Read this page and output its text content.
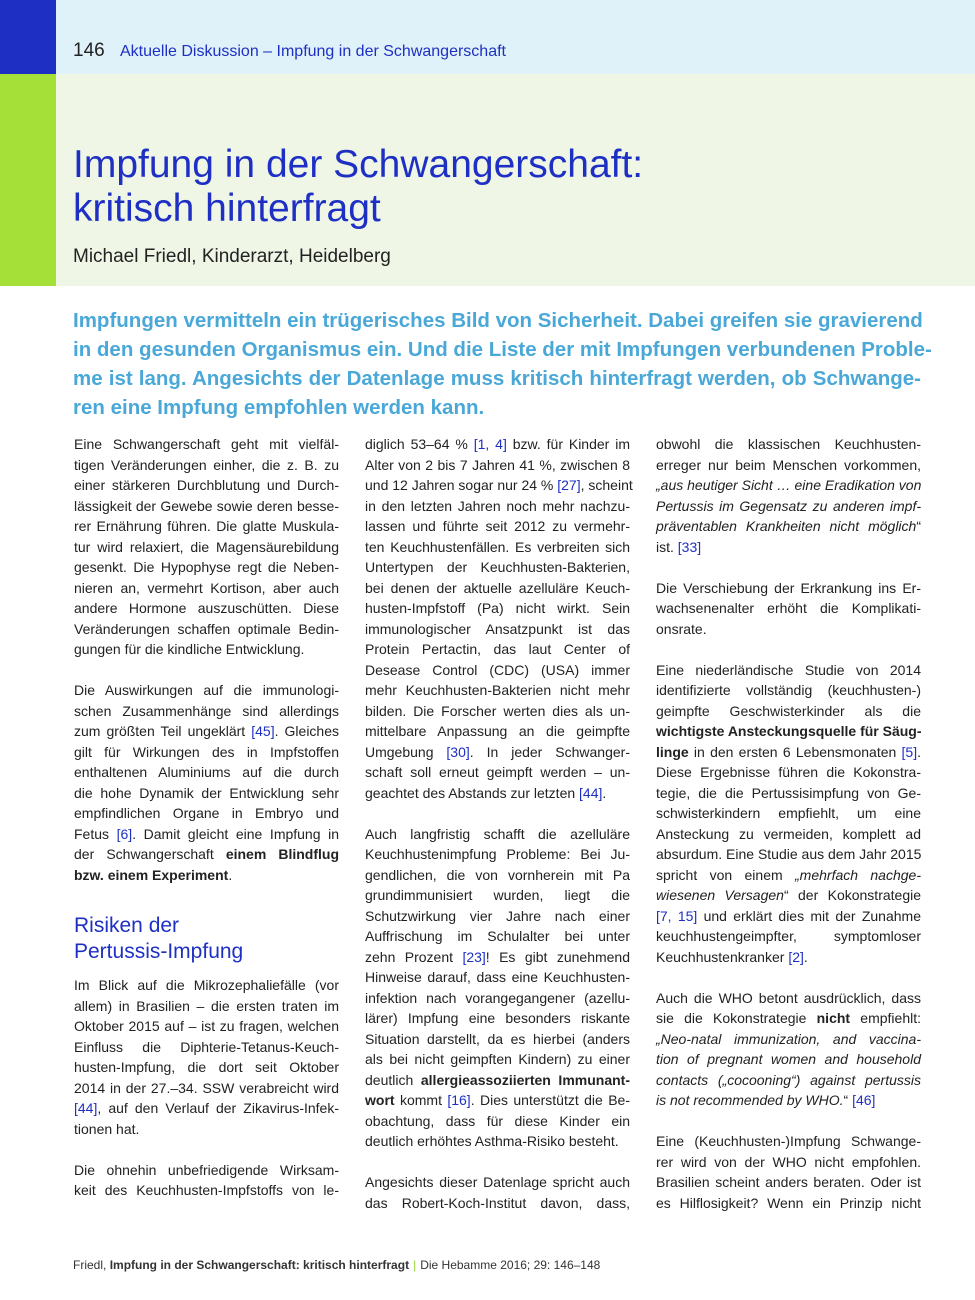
146 Aktuelle Diskussion – Impfung in der Schwangerschaft
Impfung in der Schwangerschaft:
kritisch hinterfragt
Michael Friedl, Kinderarzt, Heidelberg
Impfungen vermitteln ein trügerisches Bild von Sicherheit. Dabei greifen sie gravierend
in den gesunden Organismus ein. Und die Liste der mit Impfungen verbundenen Proble-
me ist lang. Angesichts der Datenlage muss kritisch hinterfragt werden, ob Schwange-
ren eine Impfung empfohlen werden kann.

Eine Schwangerschaft geht mit vielfäl-
tigen Veränderungen einher, die z. B. zu
einer stärkeren Durchblutung und Durch-
lässigkeit der Gewebe sowie deren besse-
rer Ernährung führen. Die glatte Muskula-
tur wird relaxiert, die Magensäurebildung
gesenkt. Die Hypophyse regt die Neben-
nieren an, vermehrt Kortison, aber auch
andere Hormone auszuschütten. Diese
Veränderungen schaffen optimale Bedin-
gungen für die kindliche Entwicklung.

Die Auswirkungen auf die immunologi-
schen Zusammenhänge sind allerdings
zum größten Teil ungeklärt [45]. Gleiches
gilt für Wirkungen des in Impfstoffen
enthaltenen Aluminiums auf die durch
die hohe Dynamik der Entwicklung sehr
empfindlichen Organe in Embryo und
Fetus [6]. Damit gleicht eine Impfung in
der Schwangerschaft einem Blindflug
bzw. einem Experiment.

Risiken der
Pertussis-Impfung

Im Blick auf die Mikrozephaliefälle (vor
allem) in Brasilien – die ersten traten im
Oktober 2015 auf – ist zu fragen, welchen
Einfluss die Diphterie-Tetanus-Keuch-
husten-Impfung, die dort seit Oktober
2014 in der 27.–34. SSW verabreicht wird
[44], auf den Verlauf der Zikavirus-Infek-
tionen hat.

Die ohnehin unbefriedigende Wirksam-
keit des Keuchhusten-Impfstoffs von le-

diglich 53–64 % [1, 4] bzw. für Kinder im
Alter von 2 bis 7 Jahren 41 %, zwischen 8
und 12 Jahren sogar nur 24 % [27], scheint
in den letzten Jahren noch mehr nachzu-
lassen und führte seit 2012 zu vermehr-
ten Keuchhustenfällen. Es verbreiten sich
Untertypen der Keuchhusten-Bakterien,
bei denen der aktuelle azelluläre Keuch-
husten-Impfstoff (Pa) nicht wirkt. Sein
immunologischer Ansatzpunkt ist das
Protein Pertactin, das laut Center of
Desease Control (CDC) (USA) immer
mehr Keuchhusten-Bakterien nicht mehr
bilden. Die Forscher werten dies als un-
mittelbare Anpassung an die geimpfte
Umgebung [30]. In jeder Schwanger-
schaft soll erneut geimpft werden – un-
geachtet des Abstands zur letzten [44].

Auch langfristig schafft die azelluläre
Keuchhustenimpfung Probleme: Bei Ju-
gendlichen, die von vornherein mit Pa
grundimmunisiert wurden, liegt die
Schutzwirkung vier Jahre nach einer
Auffrischung im Schulalter bei unter
zehn Prozent [23]! Es gibt zunehmend
Hinweise darauf, dass eine Keuchhusten-
infektion nach vorangegangener (azellu-
lärer) Impfung eine besonders riskante
Situation darstellt, da es hierbei (anders
als bei nicht geimpften Kindern) zu einer
deutlich allergieassoziierten Immunant-
wort kommt [16]. Dies unterstützt die Be-
obachtung, dass für diese Kinder ein
deutlich erhöhtes Asthma-Risiko besteht.

Angesichts dieser Datenlage spricht auch
das Robert-Koch-Institut davon, dass,

obwohl die klassischen Keuchhusten-
erreger nur beim Menschen vorkommen,
„aus heutiger Sicht … eine Eradikation von
Pertussis im Gegensatz zu anderen impf-
präventablen Krankheiten nicht möglich“
ist. [33]

Die Verschiebung der Erkrankung ins Er-
wachsenenalter erhöht die Komplikati-
onsrate.

Eine niederländische Studie von 2014
identifizierte vollständig (keuchhusten-)
geimpfte Geschwisterkinder als die
wichtigste Ansteckungsquelle für Säug-
linge in den ersten 6 Lebensmonaten [5].
Diese Ergebnisse führen die Kokonstra-
tegie, die die Pertussisimpfung von Ge-
schwisterkindern empfiehlt, um eine
Ansteckung zu vermeiden, komplett ad
absurdum. Eine Studie aus dem Jahr 2015
spricht von einem „mehrfach nachge-
wiesenen Versagen“ der Kokonstrategie
[7, 15] und erklärt dies mit der Zunahme
keuchhustengeimpfter, symptomloser
Keuchhustenkranker [2].

Auch die WHO betont ausdrücklich, dass
sie die Kokonstrategie nicht empfiehlt:
„Neo-natal immunization, and vaccina-
tion of pregnant women and household
contacts („cocooning“) against pertussis
is not recommended by WHO.“ [46]

Eine (Keuchhusten-)Impfung Schwange-
rer wird von der WHO nicht empfohlen.
Brasilien scheint anders beraten. Oder ist
es Hilflosigkeit? Wenn ein Prinzip nicht

Friedl, Impfung in der Schwangerschaft: kritisch hinterfragt | Die Hebamme 2016; 29: 146–148
